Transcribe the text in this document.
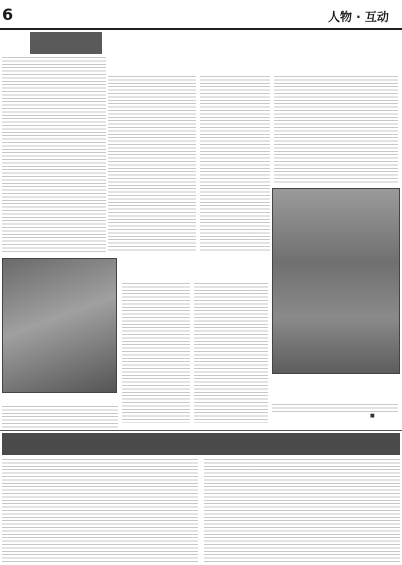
6	人物 · 互动
■
